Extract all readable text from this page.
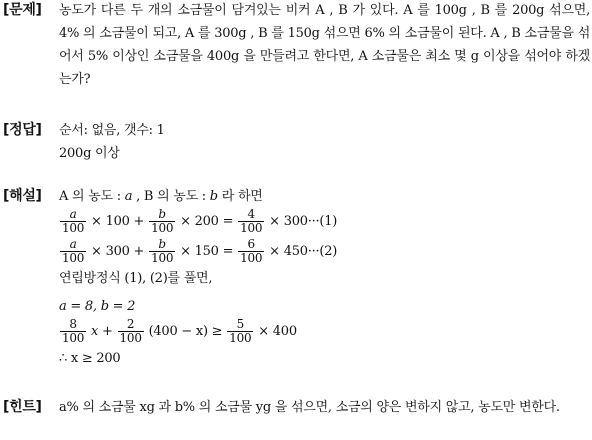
[문제] 농도가 다른 두 개의 소금물이 담겨있는 비커 A , B 가 있다. A 를 100g , B 를 200g 섞으면, 4% 의 소금물이 되고, A 를 300g , B 를 150g 섞으면 6% 의 소금물이 된다. A , B 소금물을 섞어서 5% 이상인 소금물을 400g 을 만들려고 한다면, A 소금물은 최소 몇 g 이상을 섞어야 하겠는가?
[정답] 순서: 없음, 갯수: 1
200g 이상
[해설] A 의 농도 : a , B 의 농도 : b 라 하면
$\frac{a}{100} \times 100 + \frac{b}{100} \times 200 = \frac{4}{100} \times 300\cdot\cdot\cdot(1)$
$\frac{a}{100} \times 300 + \frac{b}{100} \times 150 = \frac{6}{100} \times 450\cdot\cdot\cdot(2)$
연립방정식 (1), (2)를 풀면,
a = 8, b = 2
$\frac{8}{100}$ $x + \frac{2}{100} (400 - x) \ge \frac{5}{100} \times 400$
∴ x ≥ 200
[힌트] a% 의 소금물 xg 과 b% 의 소금물 yg 을 섞으면, 소금의 양은 변하지 않고, 농도만 변한다.
